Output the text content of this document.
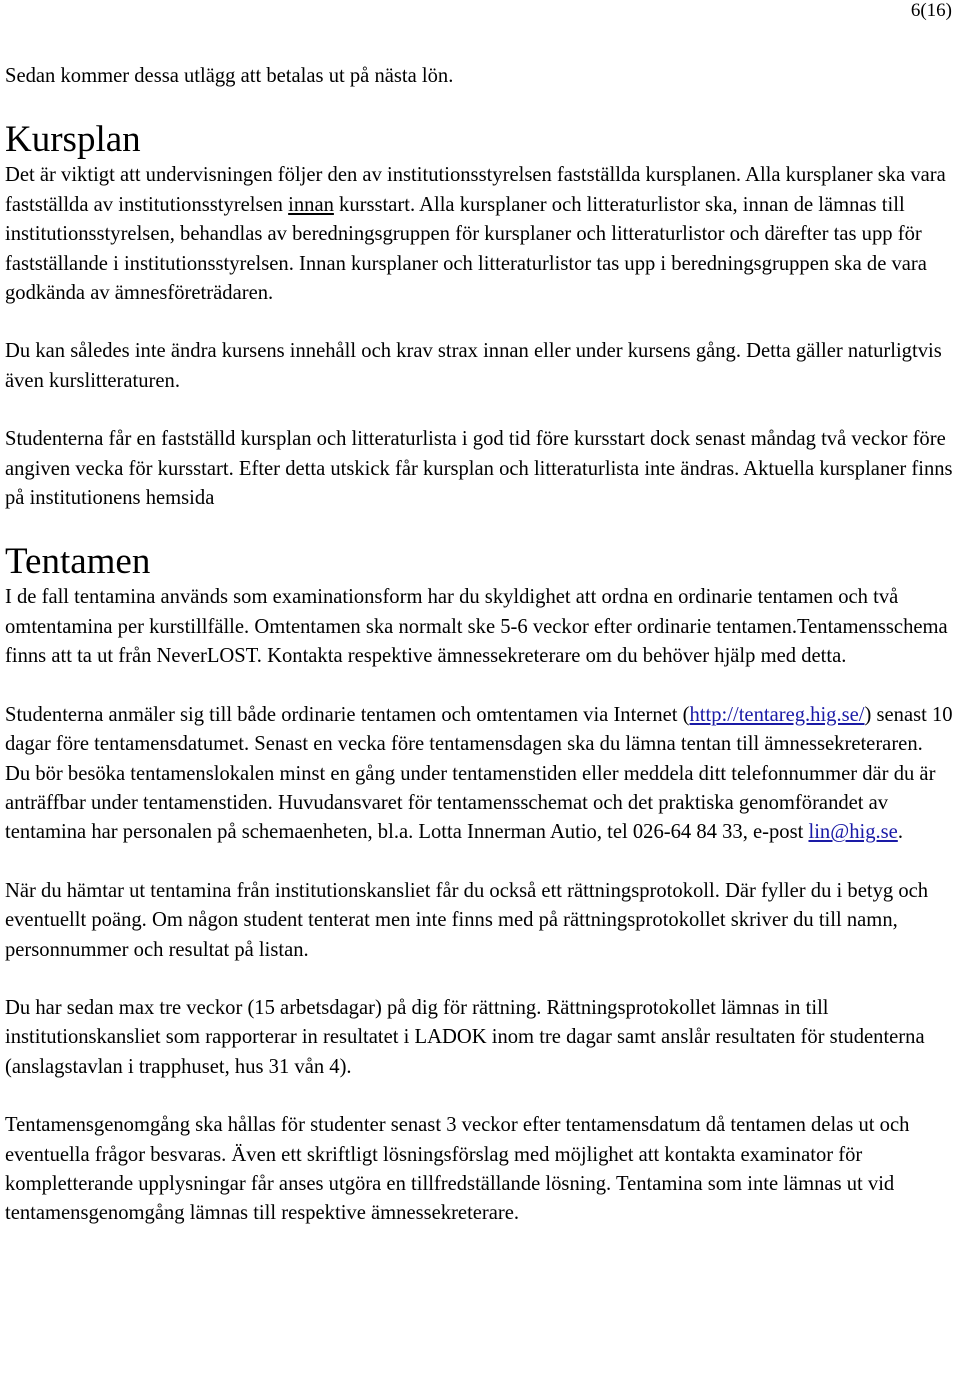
6(16)

Sedan kommer dessa utlägg att betalas ut på nästa lön.

Kursplan

Det är viktigt att undervisningen följer den av institutionsstyrelsen fastställda kursplanen. Alla kursplaner ska vara fastställda av institutionsstyrelsen innan kursstart. Alla kursplaner och litteraturlistor ska, innan de lämnas till institutionsstyrelsen, behandlas av beredningsgruppen för kursplaner och litteraturlistor och därefter tas upp för fastställande i institutionsstyrelsen. Innan kursplaner och litteraturlistor tas upp i beredningsgruppen ska de vara godkända av ämnesföreträdaren.

Du kan således inte ändra kursens innehåll och krav strax innan eller under kursens gång. Detta gäller naturligtvis även kurslitteraturen.

Studenterna får en fastställd kursplan och litteraturlista i god tid före kursstart dock senast måndag två veckor före angiven vecka för kursstart. Efter detta utskick får kursplan och litteraturlista inte ändras. Aktuella kursplaner finns på institutionens hemsida

Tentamen

I de fall tentamina används som examinationsform har du skyldighet att ordna en ordinarie tentamen och två omtentamina per kurstillfälle. Omtentamen ska normalt ske 5-6 veckor efter ordinarie tentamen.Tentamensschema finns att ta ut från NeverLOST. Kontakta respektive ämnessekreterare om du behöver hjälp med detta.

Studenterna anmäler sig till både ordinarie tentamen och omtentamen via Internet (http://tentareg.hig.se/) senast 10 dagar före tentamensdatumet. Senast en vecka före tentamensdagen ska du lämna tentan till ämnessekreteraren. Du bör besöka tentamenslokalen minst en gång under tentamenstiden eller meddela ditt telefonnummer där du är anträffbar under tentamenstiden. Huvudansvaret för tentamensschemat och det praktiska genomförandet av tentamina har personalen på schemaenheten, bl.a. Lotta Innerman Autio, tel 026-64 84 33, e-post lin@hig.se.

När du hämtar ut tentamina från institutionskansliet får du också ett rättningsprotokoll. Där fyller du i betyg och eventuellt poäng. Om någon student tenterat men inte finns med på rättningsprotokollet skriver du till namn, personnummer och resultat på listan.

Du har sedan max tre veckor (15 arbetsdagar) på dig för rättning. Rättningsprotokollet lämnas in till institutionskansliet som rapporterar in resultatet i LADOK inom tre dagar samt anslår resultaten för studenterna (anslagstavlan i trapphuset, hus 31 vån 4).

Tentamensgenomgång ska hållas för studenter senast 3 veckor efter tentamensdatum då tentamen delas ut och eventuella frågor besvaras. Även ett skriftligt lösningsförslag med möjlighet att kontakta examinator för kompletterande upplysningar får anses utgöra en tillfredställande lösning. Tentamina som inte lämnas ut vid tentamensgenomgång lämnas till respektive ämnessekreterare.
